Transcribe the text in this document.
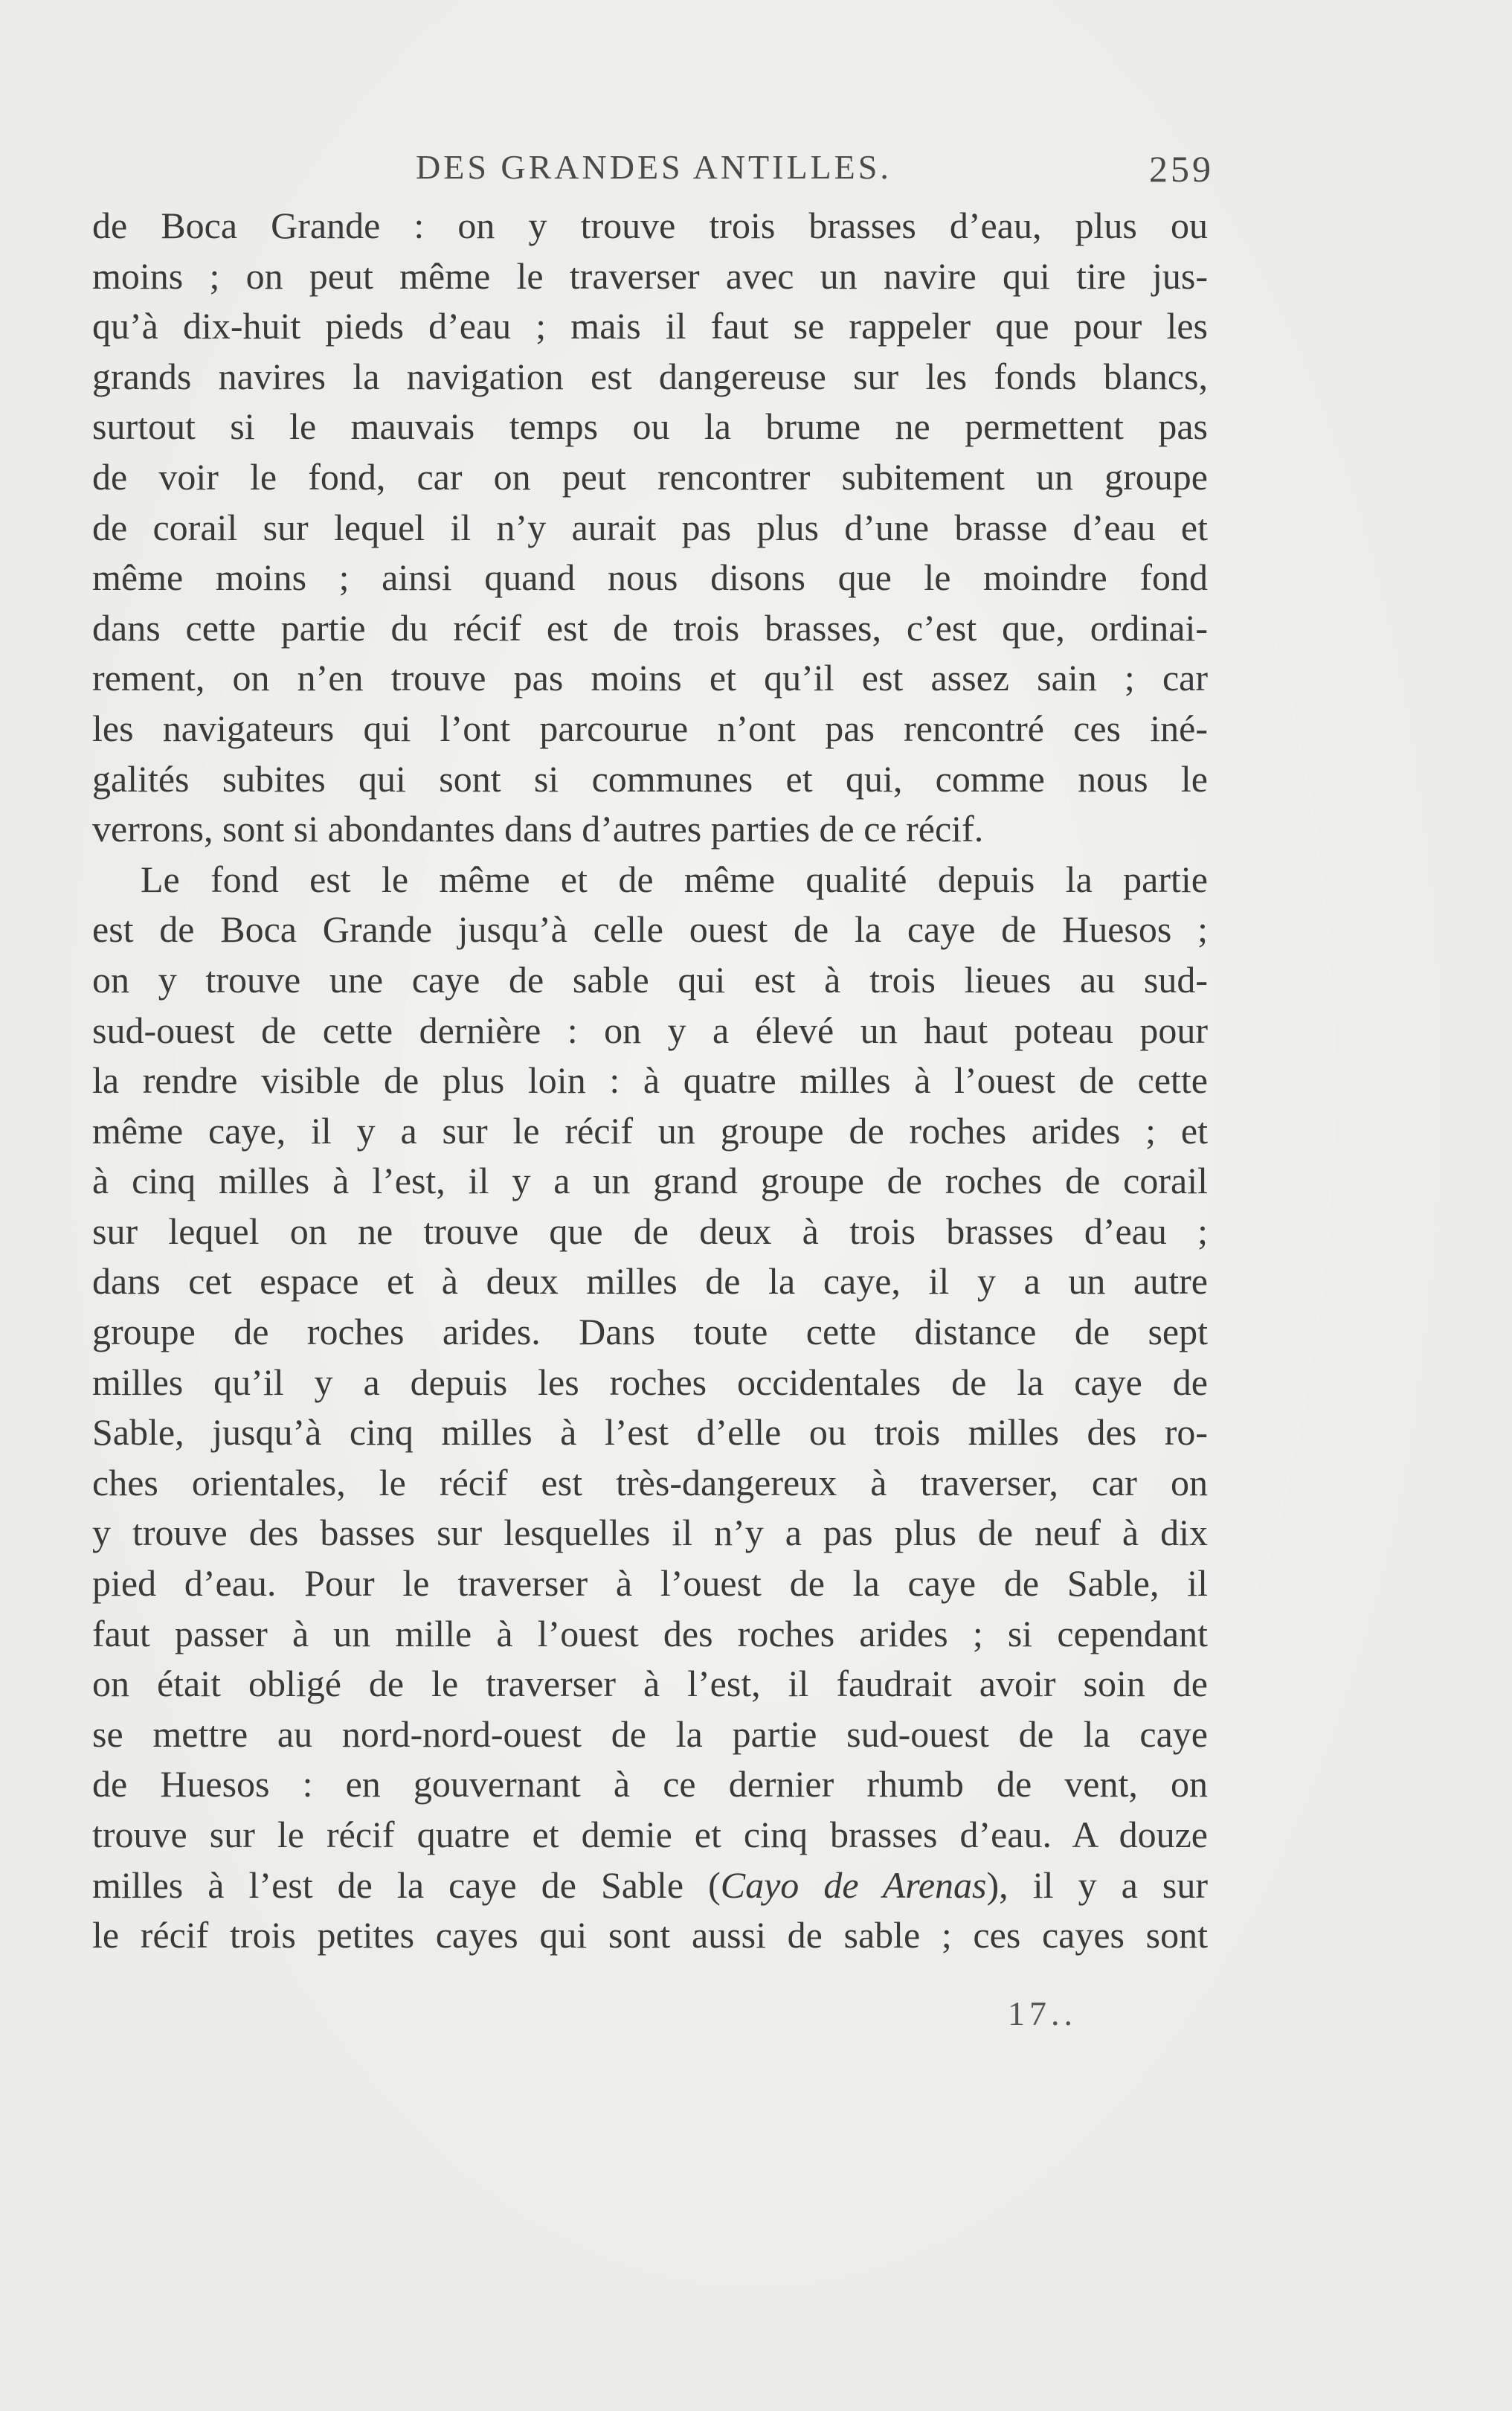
DES GRANDES ANTILLES.	259
de Boca Grande : on y trouve trois brasses d’eau, plus ou
moins ; on peut même le traverser avec un navire qui tire jus-
qu’à dix-huit pieds d’eau ; mais il faut se rappeler que pour les
grands navires la navigation est dangereuse sur les fonds blancs,
surtout si le mauvais temps ou la brume ne permettent pas
de voir le fond, car on peut rencontrer subitement un groupe
de corail sur lequel il n’y aurait pas plus d’une brasse d’eau et
même moins ; ainsi quand nous disons que le moindre fond
dans cette partie du récif est de trois brasses, c’est que, ordinai-
rement, on n’en trouve pas moins et qu’il est assez sain ; car
les navigateurs qui l’ont parcourue n’ont pas rencontré ces iné-
galités subites qui sont si communes et qui, comme nous le
verrons, sont si abondantes dans d’autres parties de ce récif.
Le fond est le même et de même qualité depuis la partie
est de Boca Grande jusqu’à celle ouest de la caye de Huesos ;
on y trouve une caye de sable qui est à trois lieues au sud-
sud-ouest de cette dernière : on y a élevé un haut poteau pour
la rendre visible de plus loin : à quatre milles à l’ouest de cette
même caye, il y a sur le récif un groupe de roches arides ; et
à cinq milles à l’est, il y a un grand groupe de roches de corail
sur lequel on ne trouve que de deux à trois brasses d’eau ;
dans cet espace et à deux milles de la caye, il y a un autre
groupe de roches arides. Dans toute cette distance de sept
milles qu’il y a depuis les roches occidentales de la caye de
Sable, jusqu’à cinq milles à l’est d’elle ou trois milles des ro-
ches orientales, le récif est très-dangereux à traverser, car on
y trouve des basses sur lesquelles il n’y a pas plus de neuf à dix
pied d’eau. Pour le traverser à l’ouest de la caye de Sable, il
faut passer à un mille à l’ouest des roches arides ; si cependant
on était obligé de le traverser à l’est, il faudrait avoir soin de
se mettre au nord-nord-ouest de la partie sud-ouest de la caye
de Huesos : en gouvernant à ce dernier rhumb de vent, on
trouve sur le récif quatre et demie et cinq brasses d’eau. A douze
milles à l’est de la caye de Sable (Cayo de Arenas), il y a sur
le récif trois petites cayes qui sont aussi de sable ; ces cayes sont
17..
